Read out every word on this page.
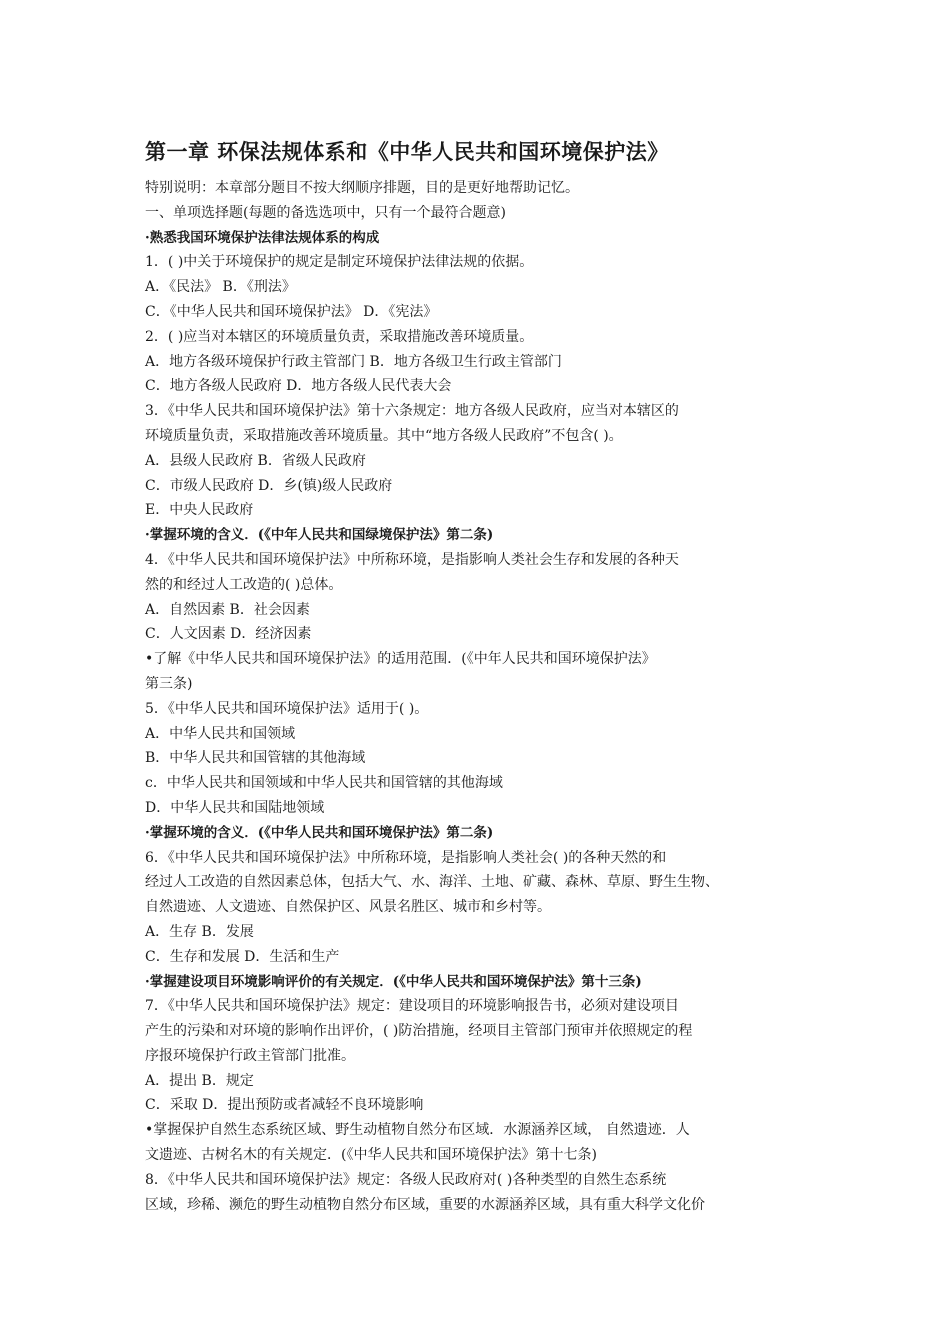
第一章 环保法规体系和《中华人民共和国环境保护法》
特别说明：本章部分题目不按大纲顺序排题，目的是更好地帮助记忆。
一、单项选择题(每题的备选选项中，只有一个最符合题意)
·熟悉我国环境保护法律法规体系的构成
1．( )中关于环境保护的规定是制定环境保护法律法规的依据。
A．《民法》 B．《刑法》
C．《中华人民共和国环境保护法》 D．《宪法》
2．( )应当对本辖区的环境质量负责，采取措施改善环境质量。
A．地方各级环境保护行政主管部门 B．地方各级卫生行政主管部门
C．地方各级人民政府 D．地方各级人民代表大会
3．《中华人民共和国环境保护法》第十六条规定：地方各级人民政府，应当对本辖区的
环境质量负责，采取措施改善环境质量。其中“地方各级人民政府”不包含( )。
A．县级人民政府 B．省级人民政府
C．市级人民政府 D．乡(镇)级人民政府
E．中央人民政府
·掌握环境的含义．(《中年人民共和国绿境保护法》第二条)
4．《中华人民共和国环境保护法》中所称环境，是指影响人类社会生存和发展的各种天
然的和经过人工改造的( )总体。
A．自然因素 B．社会因素
C．人文因素 D．经济因素
•了解《中华人民共和国环境保护法》的适用范围．(《中年人民共和国环境保护法》
第三条)
5．《中华人民共和国环境保护法》适用于( )。
A．中华人民共和国领域
B．中华人民共和国管辖的其他海域
c．中华人民共和国领域和中华人民共和国管辖的其他海域
D．中华人民共和国陆地领域
·掌握环境的含义．(《中华人民共和国环境保护法》第二条)
6．《中华人民共和国环境保护法》中所称环境，是指影响人类社会( )的各种天然的和
经过人工改造的自然因素总体，包括大气、水、海洋、土地、矿藏、森林、草原、野生生物、
自然遗迹、人文遗迹、自然保护区、风景名胜区、城市和乡村等。
A．生存 B．发展
C．生存和发展 D．生活和生产
·掌握建设项目环境影响评价的有关规定．(《中华人民共和国环境保护法》第十三条)
7．《中华人民共和国环境保护法》规定：建设项目的环境影响报告书，必须对建设项目
产生的污染和对环境的影响作出评价，( )防治措施，经项目主管部门预审并依照规定的程
序报环境保护行政主管部门批准。
A．提出 B．规定
C．采取 D．提出预防或者减轻不良环境影响
•掌握保护自然生态系统区域、野生动植物自然分布区域．水源涵养区域， 自然遗迹．人
文遗迹、古树名木的有关规定．(《中华人民共和国环境保护法》第十七条)
8．《中华人民共和国环境保护法》规定：各级人民政府对( )各种类型的自然生态系统
区域，珍稀、濒危的野生动植物自然分布区域，重要的水源涵养区域，具有重大科学文化价
